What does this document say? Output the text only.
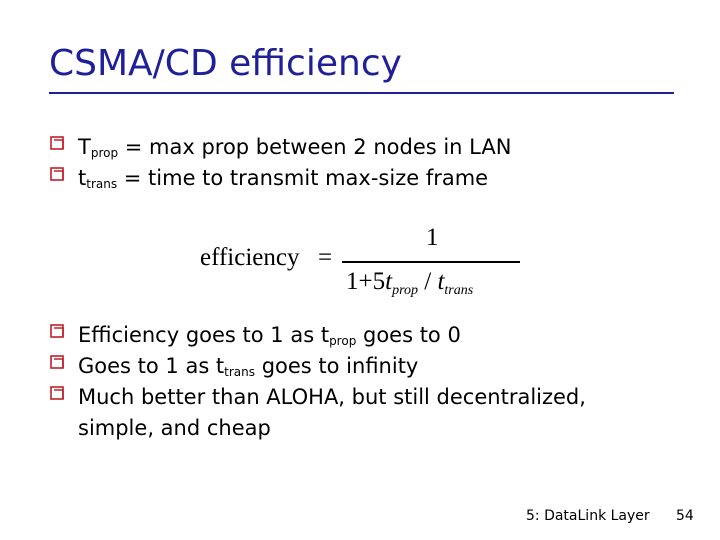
CSMA/CD efficiency
$T_{prop} = \max$ prop between 2 nodes in LAN
$t_{trans}$ = time to transmit max-size frame
efficiency =
1
$1+5t_{prop} / t_{trans}$
Efficiency goes to 1 as $t_{prop}$ goes to 0
Goes to 1 as $t_{trans}$ goes to infinity
Much better than ALOHA, but still decentralized,
simple, and cheap
5: DataLink Layer 54
